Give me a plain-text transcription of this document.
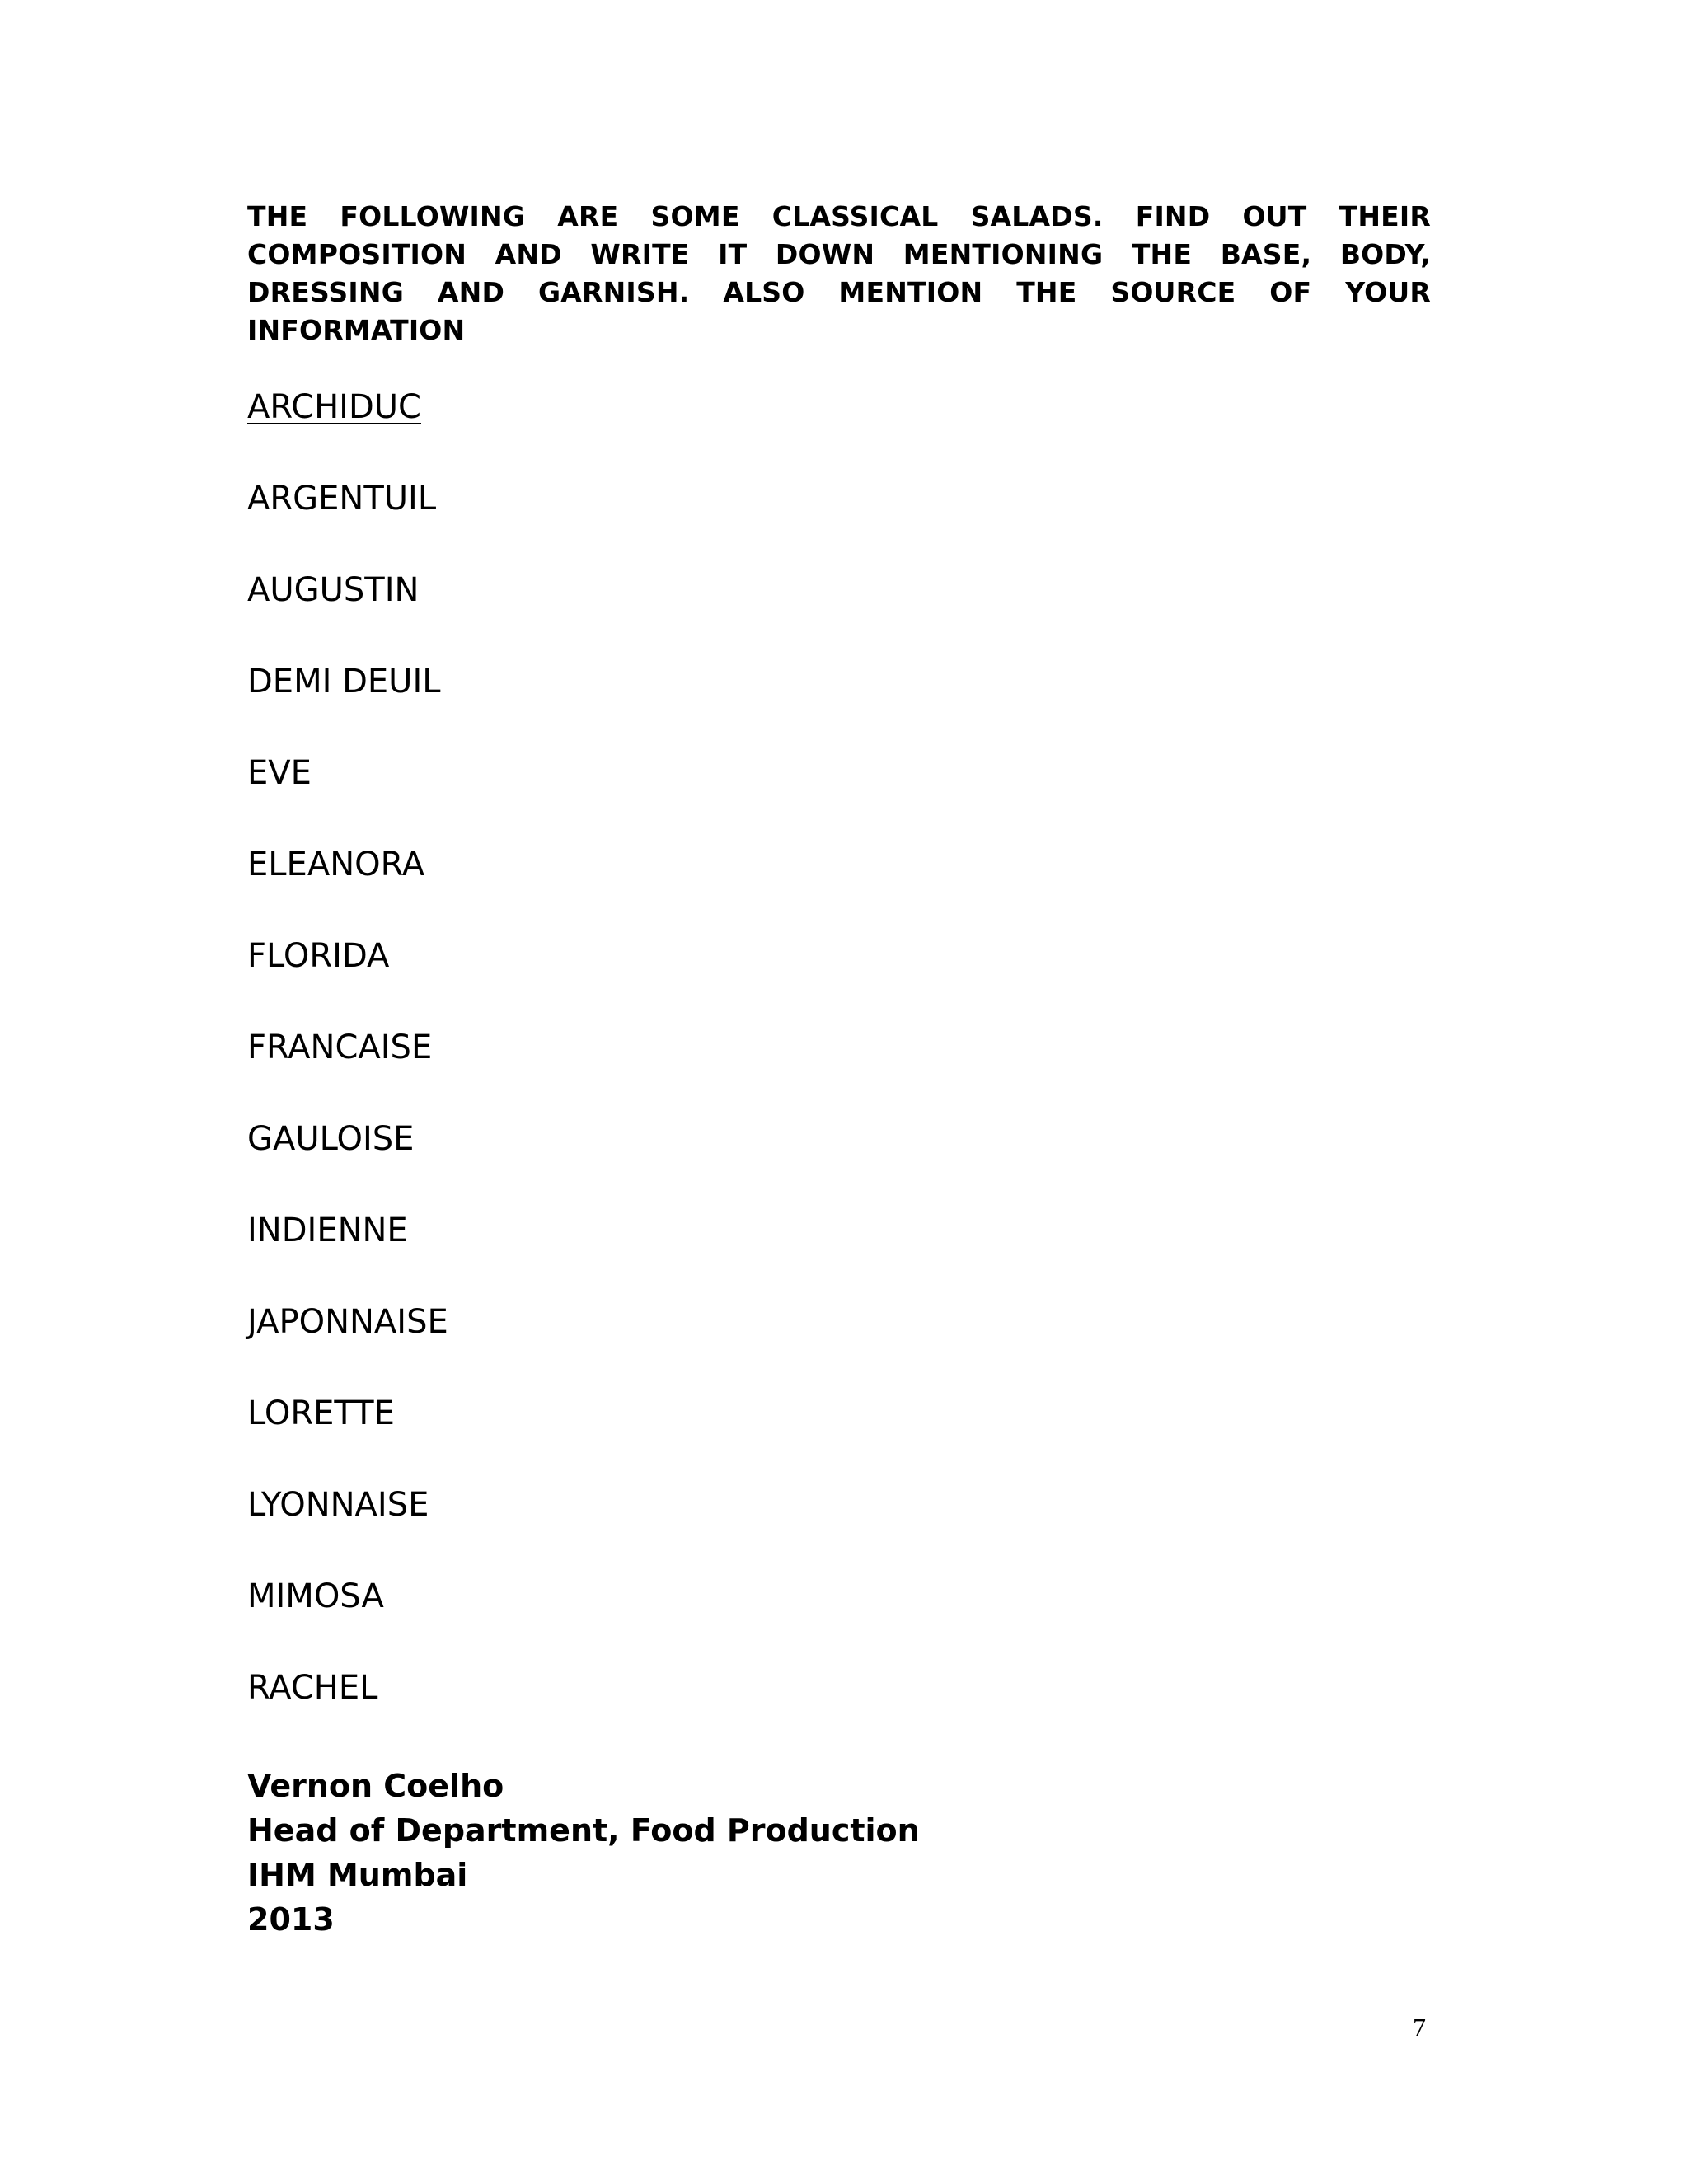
THE FOLLOWING ARE SOME CLASSICAL SALADS. FIND OUT THEIR COMPOSITION AND WRITE IT DOWN MENTIONING THE BASE, BODY, DRESSING AND GARNISH. ALSO MENTION THE SOURCE OF YOUR INFORMATION
ARCHIDUC
ARGENTUIL
AUGUSTIN
DEMI DEUIL
EVE
ELEANORA
FLORIDA
FRANCAISE
GAULOISE
INDIENNE
JAPONNAISE
LORETTE
LYONNAISE
MIMOSA
RACHEL
Vernon Coelho
Head of Department, Food Production
IHM Mumbai
2013
7
